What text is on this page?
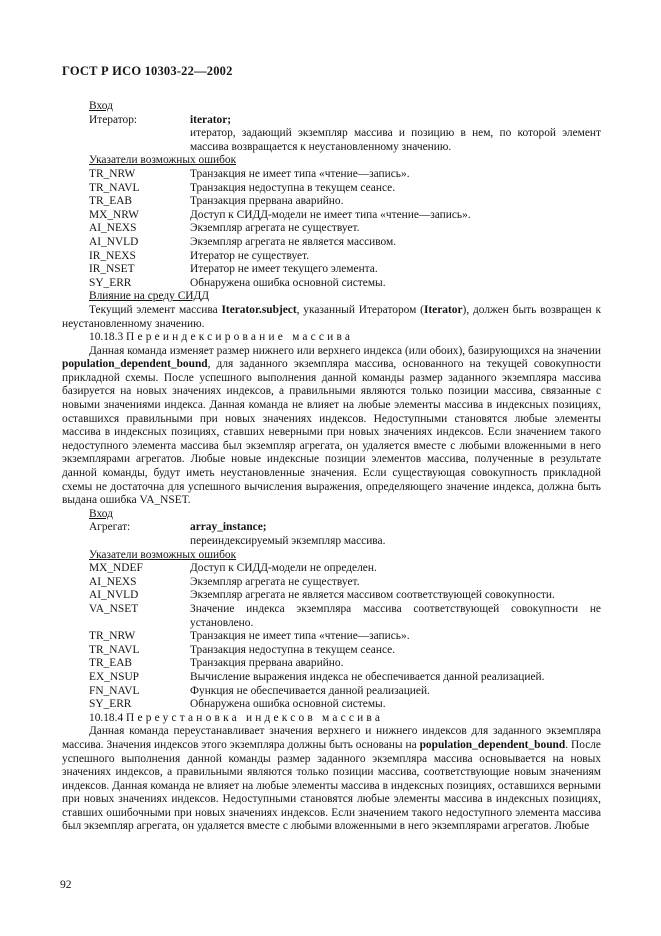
ГОСТ Р ИСО 10303-22—2002
Вход
Итератор:	iterator;
итератор, задающий экземпляр массива и позицию в нем, по которой элемент массива возвращается к неустановленному значению.
Указатели возможных ошибок
TR_NRW	Транзакция не имеет типа «чтение—запись».
TR_NAVL	Транзакция недоступна в текущем сеансе.
TR_EAB	Транзакция прервана аварийно.
MX_NRW	Доступ к СИДД-модели не имеет типа «чтение—запись».
AI_NEXS	Экземпляр агрегата не существует.
AI_NVLD	Экземпляр агрегата не является массивом.
IR_NEXS	Итератор не существует.
IR_NSET	Итератор не имеет текущего элемента.
SY_ERR	Обнаружена ошибка основной системы.
Влияние на среду СИДД
Текущий элемент массива Iterator.subject, указанный Итератором (Iterator), должен быть возвращен к неустановленному значению.
10.18.3 Переиндексирование массива
Данная команда изменяет размер нижнего или верхнего индекса (или обоих), базирующихся на значении population_dependent_bound, для заданного экземпляра массива, основанного на текущей совокупности прикладной схемы. После успешного выполнения данной команды размер заданного экземпляра массива базируется на новых значениях индексов, а правильными являются только позиции массива, связанные с новыми значениями индекса. Данная команда не влияет на любые элементы массива в индексных позициях, оставшихся правильными при новых значениях индексов. Недоступными становятся любые элементы массива в индексных позициях, ставших неверными при новых значениях индексов. Если значением такого недоступного элемента массива был экземпляр агрегата, он удаляется вместе с любыми вложенными в него экземплярами агрегатов. Любые новые индексные позиции элементов массива, полученные в результате данной команды, будут иметь неустановленные значения. Если существующая совокупность прикладной схемы не достаточна для успешного вычисления выражения, определяющего значение индекса, должна быть выдана ошибка VA_NSET.
Вход
Агрегат:	array_instance;
переиндексируемый экземпляр массива.
Указатели возможных ошибок
MX_NDEF	Доступ к СИДД-модели не определен.
AI_NEXS	Экземпляр агрегата не существует.
AI_NVLD	Экземпляр агрегата не является массивом соответствующей совокупности.
VA_NSET	Значение индекса экземпляра массива соответствующей совокупности не установлено.
TR_NRW	Транзакция не имеет типа «чтение—запись».
TR_NAVL	Транзакция недоступна в текущем сеансе.
TR_EAB	Транзакция прервана аварийно.
EX_NSUP	Вычисление выражения индекса не обеспечивается данной реализацией.
FN_NAVL	Функция не обеспечивается данной реализацией.
SY_ERR	Обнаружена ошибка основной системы.
10.18.4 Переустановка индексов массива
Данная команда переустанавливает значения верхнего и нижнего индексов для заданного экземпляра массива. Значения индексов этого экземпляра должны быть основаны на population_dependent_bound. После успешного выполнения данной команды размер заданного экземпляра массива основывается на новых значениях индексов, а правильными являются только позиции массива, соответствующие новым значениям индексов. Данная команда не влияет на любые элементы массива в индексных позициях, оставшихся верными при новых значениях индексов. Недоступными становятся любые элементы массива в индексных позициях, ставших ошибочными при новых значениях индексов. Если значением такого недоступного элемента массива был экземпляр агрегата, он удаляется вместе с любыми вложенными в него экземплярами агрегатов. Любые
92
